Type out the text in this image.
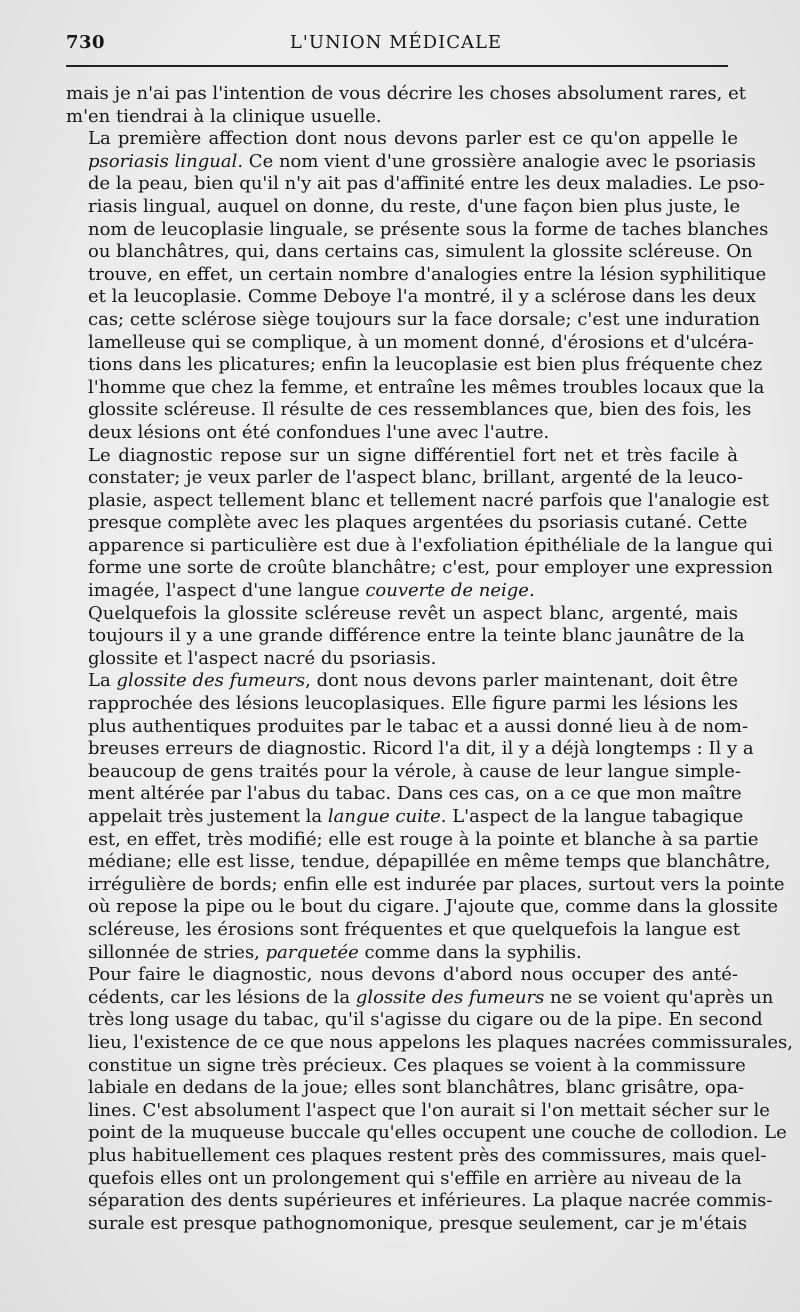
730	L'UNION MÉDICALE

mais je n'ai pas l'intention de vous décrire les choses absolument rares, et
m'en tiendrai à la clinique usuelle.

La première affection dont nous devons parler est ce qu'on appelle le
psoriasis lingual. Ce nom vient d'une grossière analogie avec le psoriasis
de la peau, bien qu'il n'y ait pas d'affinité entre les deux maladies. Le pso-
riasis lingual, auquel on donne, du reste, d'une façon bien plus juste, le
nom de leucoplasie linguale, se présente sous la forme de taches blanches
ou blanchâtres, qui, dans certains cas, simulent la glossite scléreuse. On
trouve, en effet, un certain nombre d'analogies entre la lésion syphilitique
et la leucoplasie. Comme Deboye l'a montré, il y a sclérose dans les deux
cas; cette sclérose siège toujours sur la face dorsale; c'est une induration
lamelleuse qui se complique, à un moment donné, d'érosions et d'ulcéra-
tions dans les plicatures; enfin la leucoplasie est bien plus fréquente chez
l'homme que chez la femme, et entraîne les mêmes troubles locaux que la
glossite scléreuse. Il résulte de ces ressemblances que, bien des fois, les
deux lésions ont été confondues l'une avec l'autre.

Le diagnostic repose sur un signe différentiel fort net et très facile à
constater; je veux parler de l'aspect blanc, brillant, argenté de la leuco-
plasie, aspect tellement blanc et tellement nacré parfois que l'analogie est
presque complète avec les plaques argentées du psoriasis cutané. Cette
apparence si particulière est due à l'exfoliation épithéliale de la langue qui
forme une sorte de croûte blanchâtre; c'est, pour employer une expression
imagée, l'aspect d'une langue couverte de neige.

Quelquefois la glossite scléreuse revêt un aspect blanc, argenté, mais
toujours il y a une grande différence entre la teinte blanc jaunâtre de la
glossite et l'aspect nacré du psoriasis.

La glossite des fumeurs, dont nous devons parler maintenant, doit être
rapprochée des lésions leucoplasiques. Elle figure parmi les lésions les
plus authentiques produites par le tabac et a aussi donné lieu à de nom-
breuses erreurs de diagnostic. Ricord l'a dit, il y a déjà longtemps : Il y a
beaucoup de gens traités pour la vérole, à cause de leur langue simple-
ment altérée par l'abus du tabac. Dans ces cas, on a ce que mon maître
appelait très justement la langue cuite. L'aspect de la langue tabagique
est, en effet, très modifié; elle est rouge à la pointe et blanche à sa partie
médiane; elle est lisse, tendue, dépapillée en même temps que blanchâtre,
irrégulière de bords; enfin elle est indurée par places, surtout vers la pointe
où repose la pipe ou le bout du cigare. J'ajoute que, comme dans la glossite
scléreuse, les érosions sont fréquentes et que quelquefois la langue est
sillonnée de stries, parquetée comme dans la syphilis.

Pour faire le diagnostic, nous devons d'abord nous occuper des anté-
cédents, car les lésions de la glossite des fumeurs ne se voient qu'après un
très long usage du tabac, qu'il s'agisse du cigare ou de la pipe. En second
lieu, l'existence de ce que nous appelons les plaques nacrées commissurales,
constitue un signe très précieux. Ces plaques se voient à la commissure
labiale en dedans de la joue; elles sont blanchâtres, blanc grisâtre, opa-
lines. C'est absolument l'aspect que l'on aurait si l'on mettait sécher sur le
point de la muqueuse buccale qu'elles occupent une couche de collodion. Le
plus habituellement ces plaques restent près des commissures, mais quel-
quefois elles ont un prolongement qui s'effile en arrière au niveau de la
séparation des dents supérieures et inférieures. La plaque nacrée commis-
surale est presque pathognomonique, presque seulement, car je m'étais
